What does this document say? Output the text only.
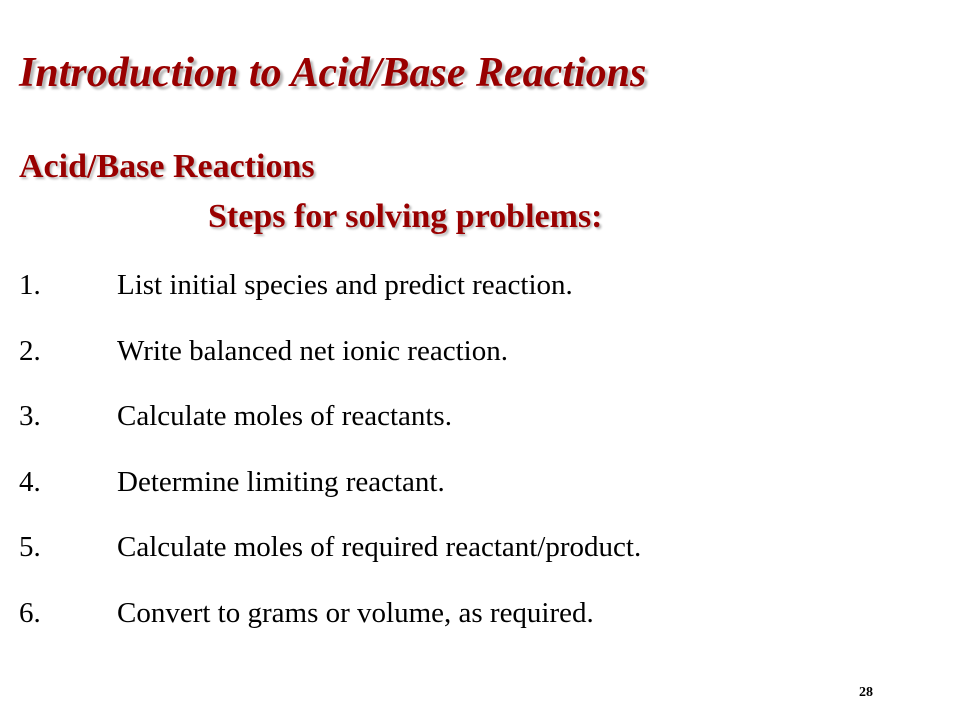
Introduction to Acid/Base Reactions
Acid/Base Reactions
Steps for solving problems:
1.	List initial species and predict reaction.
2.	Write balanced net ionic reaction.
3.	Calculate moles of reactants.
4.	Determine limiting reactant.
5.	Calculate moles of required reactant/product.
6.	Convert to grams or volume, as required.
28
